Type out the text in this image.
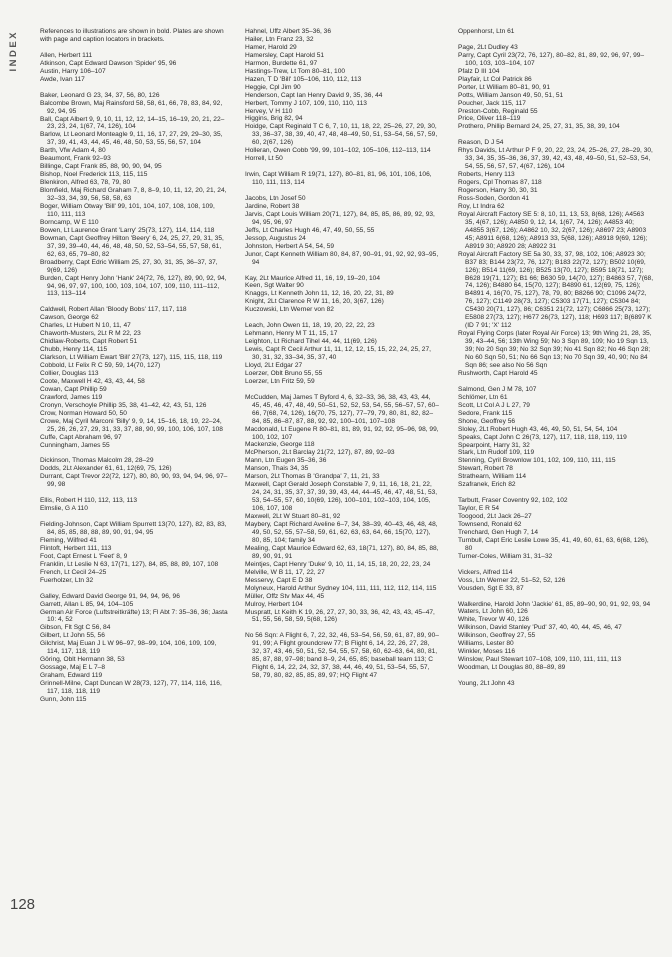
INDEX
128

References to illustrations are shown in bold. Plates are shown with page and caption locators in brackets.

Allen, Herbert 111

Atkinson, Capt Edward Dawson 'Spider' 95, 96

Austin, Harry 106–107

Awde, Ivan 117

Baker, Leonard G 23, 34, 37, 56, 80, 126

Balcombe Brown, Maj Rainsford 58, 58, 61, 66, 78, 83, 84, 92, 92, 94, 95

Ball, Capt Albert 9, 9, 10, 11, 12, 12, 14–15, 16–19, 20, 21, 22–23, 23, 24, 1(67, 74, 126), 104

Barlow, Lt Leonard Monteagle 9, 11, 16, 17, 27, 29, 29–30, 35, 37, 39, 41, 43, 44, 45, 46, 48, 50, 53, 55, 56, 57, 104

Barth, Vfw Adam 4, 80

Beaumont, Frank 92–93

Billinge, Capt Frank 85, 88, 90, 90, 94, 95

Bishop, Noel Frederick 113, 115, 115

Blenkiron, Alfred 63, 78, 79, 80

Blomfield, Maj Richard Graham 7, 8, 8–9, 10, 11, 12, 20, 21, 24, 32–33, 34, 39, 56, 58, 58, 63

Boger, William Otway 'Bill' 99, 101, 104, 107, 108, 108, 109, 110, 111, 113

Borncamp, W E 110

Bowen, Lt Laurence Grant 'Larry' 25(73, 127), 114, 114, 118

Bowman, Capt Geoffrey Hilton 'Beery' 6, 24, 25, 27, 29, 31, 35, 37, 39, 39–40, 44, 46, 48, 48, 50, 52, 53–54, 55, 57, 58, 61, 62, 63, 65, 79–80, 82

Broadberry, Capt Edric William 25, 27, 30, 31, 35, 36–37, 37, 9(69, 126)

Burden, Capt Henry John 'Hank' 24(72, 76, 127), 89, 90, 92, 94, 94, 96, 97, 97, 100, 100, 103, 104, 107, 109, 110, 111–112, 113, 113–114

Caldwell, Robert Allan 'Bloody Bobs' 117, 117, 118

Cawson, George 62

Charles, Lt Hubert N 10, 11, 47

Chaworth-Musters, 2Lt R M 22, 23

Chidlaw-Roberts, Capt Robert 51

Chubb, Henry 114, 115

Clarkson, Lt William Ewart 'Bill' 27(73, 127), 115, 115, 118, 119

Cobbold, Lt Felix R C 59, 59, 14(70, 127)

Collier, Douglas 113

Coote, Maxwell H 42, 43, 43, 44, 58

Cowan, Capt Phillip 59

Crawford, James 119

Cronyn, Verschoyle Phillip 35, 38, 41–42, 42, 43, 51, 126

Crow, Norman Howard 50, 50

Crowe, Maj Cyril Marconi 'Billy' 9, 9, 14, 15–16, 18, 19, 22–24, 25, 26, 26, 27, 29, 31, 33, 37, 88, 90, 99, 100, 106, 107, 108

Cuffe, Capt Abraham 96, 97

Cunningham, James 55

Dickinson, Thomas Malcolm 28, 28–29

Dodds, 2Lt Alexander 61, 61, 12(69, 75, 126)

Durrant, Capt Trevor 22(72, 127), 80, 80, 90, 93, 94, 94, 96, 97–99, 98

Ellis, Robert H 110, 112, 113, 113

Elmslie, G A 110

Fielding-Johnson, Capt William Spurrett 13(70, 127), 82, 83, 83, 84, 85, 85, 88, 88, 89, 90, 91, 94, 95

Fleming, Wilfred 41

Flintoft, Herbert 111, 113

Foot, Capt Ernest L 'Feet' 8, 9

Franklin, Lt Leslie N 63, 17(71, 127), 84, 85, 88, 89, 107, 108

French, Lt Cecil 24–25

Fuerholzer, Ltn 32

Galley, Edward David George 91, 94, 94, 96, 96

Garrett, Allan L 85, 94, 104–105

German Air Force (Luftstreitkräfte) 13; Fl Abt 7: 35–36, 36; Jasta 10: 4, 52

Gibson, Flt Sgt C 56, 84

Gilbert, Lt John 55, 56

Gilchrist, Maj Euan J L W 96–97, 98–99, 104, 106, 109, 109, 114, 117, 118, 119

Göring, Oblt Hermann 38, 53

Gossage, Maj E L 7–8

Graham, Edward 119

Grinnell-Milne, Capt Duncan W 28(73, 127), 77, 114, 116, 116, 117, 118, 118, 119

Gunn, John 115

Hahnel, Uffz Albert 35–36, 36

Hailer, Ltn Franz 23, 32

Hamer, Harold 29

Hamersley, Capt Harold 51

Harmon, Burdette 61, 97

Hastings-Trew, Lt Tom 80–81, 100

Hazen, T D 'Bill' 105–106, 110, 112, 113

Heggie, Cpl Jim 90

Henderson, Capt Ian Henry David 9, 35, 36, 44

Herbert, Tommy J 107, 109, 110, 110, 113

Hervey, V H 110

Higgins, Brig 82, 94

Hoidge, Capt Reginald T C 6, 7, 10, 11, 18, 22, 25–26, 27, 29, 30, 33, 36–37, 38, 39, 40, 47, 48, 48–49, 50, 51, 53–54, 56, 57, 59, 60, 2(67, 126)

Holleran, Owen Cobb '99, 99, 101–102, 105–106, 112–113, 114

Horrell, Lt 50

Irwin, Capt William R 19(71, 127), 80–81, 81, 96, 101, 106, 106, 110, 111, 113, 114

Jacobs, Ltn Josef 50

Jardine, Robert 38

Jarvis, Capt Louis William 20(71, 127), 84, 85, 85, 86, 89, 92, 93, 94, 95, 96, 97

Jeffs, Lt Charles Hugh 46, 47, 49, 50, 55, 55

Jessop, Augustus 24

Johnston, Herbert A 54, 54, 59

Junor, Capt Kenneth William 80, 84, 87, 90–91, 91, 92, 92, 93–95, 94

Kay, 2Lt Maurice Alfred 11, 16, 19, 19–20, 104

Keen, Sgt Walter 90

Knaggs, Lt Kenneth John 11, 12, 16, 20, 22, 31, 89

Knight, 2Lt Clarence R W 11, 16, 20, 3(67, 126)

Kuczowski, Ltn Werner von 82

Leach, John Owen 11, 18, 19, 20, 22, 22, 23

Lehmann, Henry M T 11, 15, 17

Leighton, Lt Richard Tihel 44, 44, 11(69, 126)

Lewis, Capt R Cecil Arthur 11, 11, 12, 12, 15, 15, 22, 24, 25, 27, 30, 31, 32, 33–34, 35, 37, 40

Lloyd, 2Lt Edgar 27

Loerzer, Oblt Bruno 55, 55

Loerzer, Ltn Fritz 59, 59

McCudden, Maj James T Byford 4, 6, 32–33, 36, 38, 43, 43, 44, 45, 45, 46, 47, 48, 49, 50–51, 52, 52, 53, 54, 55, 56–57, 57, 60–66, 7(68, 74, 126), 16(70, 75, 127), 77–79, 79, 80, 81, 82, 82–84, 85, 86–87, 87, 88, 92, 92, 100–101, 107–108

Macdonald, Lt Eugene R 80–81, 81, 89, 91, 92, 92, 95–96, 98, 99, 100, 102, 107

Mackenzie, George 118

McPherson, 2Lt Barclay 21(72, 127), 87, 89, 92–93

Mann, Ltn Eugen 35–36, 36

Manson, Thais 34, 35

Marson, 2Lt Thomas B 'Grandpa' 7, 11, 21, 33

Maxwell, Capt Gerald Joseph Constable 7, 9, 11, 16, 18, 21, 22, 24, 24, 31, 35, 37, 37, 39, 39, 43, 44, 44–45, 46, 47, 48, 51, 53, 53, 54–55, 57, 60, 10(69, 126), 100–101, 102–103, 104, 105, 106, 107, 108

Maxwell, 2Lt W Stuart 80–81, 92

Maybery, Capt Richard Aveline 6–7, 34, 38–39, 40–43, 46, 48, 48, 49, 50, 52, 55, 57–58, 59, 61, 62, 63, 63, 64, 66, 15(70, 127), 80, 85, 104; family 34

Mealing, Capt Maurice Edward 62, 63, 18(71, 127), 80, 84, 85, 88, 89, 90, 91, 91

Meintjes, Capt Henry 'Duke' 9, 10, 11, 14, 15, 18, 20, 22, 23, 24

Melville, W B 11, 17, 22, 27

Messervy, Capt E D 38

Molyneux, Harold Arthur Sydney 104, 111, 111, 112, 112, 114, 115

Müller, Offz Stv Max 44, 45

Mulroy, Herbert 104

Muspratt, Lt Keith K 19, 26, 27, 27, 30, 33, 36, 42, 43, 43, 45–47, 51, 55, 56, 58, 59, 5(68, 126)

No 56 Sqn: A Flight 6, 7, 22, 32, 46, 53–54, 56, 59, 61, 87, 89, 90–91, 99; A Flight groundcrew 77; B Flight 6, 14, 22, 26, 27, 28, 32, 37, 43, 46, 50, 51, 52, 54, 55, 57, 58, 60, 62–63, 64, 80, 81, 85, 87, 88, 97–98; band 8–9, 24, 65, 85; baseball team 113; C Flight 6, 14, 22, 24, 32, 37, 38, 44, 46, 49, 51, 53–54, 55, 57, 58, 79, 80, 82, 85, 85, 89, 97; HQ Flight 47

Oppenhorst, Ltn 61

Page, 2Lt Dudley 43

Parry, Capt Cyril 23(72, 76, 127), 80–82, 81, 89, 92, 96, 97, 99–100, 103, 103–104, 107

Pfalz D III 104

Playfair, Lt Col Patrick 86

Porter, Lt William 80–81, 90, 91

Potts, William Janson 49, 50, 51, 51

Poucher, Jack 115, 117

Preston-Cobb, Reginald 55

Price, Oliver 118–119

Prothero, Phillip Bernard 24, 25, 27, 31, 35, 38, 39, 104

Reason, D J 54

Rhys Davids, Lt Arthur P F 9, 20, 22, 23, 24, 25–26, 27, 28–29, 30, 33, 34, 35, 35–36, 36, 37, 39, 42, 43, 48, 49–50, 51, 52–53, 54, 54, 55, 56, 57, 57, 4(67, 126), 104

Roberts, Henry 113

Rogers, Cpl Thomas 87, 118

Rogerson, Harry 30, 30, 31

Ross-Soden, Gordon 41

Roy, Lt Indra 62

Royal Aircraft Factory SE 5: 8, 10, 11, 13, 53, 8(68, 126); A4563 35, 4(67, 126); A4850 9, 12, 14, 1(67, 74, 126); A4853 40; A4855 3(67, 126); A4862 10, 32, 2(67, 126); A8697 23; A8903 45; A8911 6(68, 126); A8913 33, 5(68, 126); A8918 9(69, 126); A8919 30; A8920 28; A8922 31

Royal Aircraft Factory SE 5a 30, 33, 37, 98, 102, 106; A8923 30; B37 83; B144 23(72, 76, 127); B183 22(72, 127); B502 10(69, 126); B514 11(69, 126); B525 13(70, 127); B595 18(71, 127); B628 19(71, 127); B1 66; B630 59, 14(70, 127); B4863 57, 7(68, 74, 126); B4880 64, 15(70, 127); B4890 61, 12(69, 75, 126); B4891 4, 16(70, 75, 127), 78, 79, 80; B8266 90; C1096 24(72, 76, 127); C1149 28(73, 127); C5303 17(71, 127); C5304 84; C5430 20(71, 127), 86; C6351 21(72, 127); C6866 25(73, 127); E5808 27(73, 127); H677 26(73, 127), 118; H693 117; B(6897 K (ID 7 91; 'X' 112

Royal Flying Corps (later Royal Air Force) 13; 9th Wing 21, 28, 35, 39, 43–44, 56; 13th Wing 59; No 3 Sqn 89, 109; No 19 Sqn 13, 39; No 20 Sqn 39; No 32 Sqn 39; No 41 Sqn 82; No 46 Sqn 28; No 60 Sqn 50, 51; No 66 Sqn 13; No 70 Sqn 39, 40, 90; No 84 Sqn 86; see also No 56 Sqn

Rushworth, Capt Harold 45

Salmond, Gen J M 78, 107

Schlömer, Ltn 61

Scott, Lt Col A J L 27, 79

Sedore, Frank 115

Shone, Geoffrey 56

Sloley, 2Lt Robert Hugh 43, 46, 49, 50, 51, 54, 54, 104

Speaks, Capt John C 26(73, 127), 117, 118, 118, 119, 119

Spearpoint, Harry 31, 32

Stark, Ltn Rudolf 109, 119

Stenning, Cyril Brownlow 101, 102, 109, 110, 111, 115

Stewart, Robert 78

Strathearn, William 114

Szafranek, Erich 82

Tarbutt, Fraser Coventry 92, 102, 102

Taylor, E R 54

Toogood, 2Lt Jack 26–27

Townsend, Ronald 62

Trenchard, Gen Hugh 7, 14

Turnbull, Capt Eric Leslie Lowe 35, 41, 49, 60, 61, 63, 6(68, 126), 80

Turner-Coles, William 31, 31–32

Vickers, Alfred 114

Voss, Ltn Werner 22, 51–52, 52, 126

Vousden, Sgt E 33, 87

Walkerdine, Harold John 'Jackie' 61, 85, 89–90, 90, 91, 92, 93, 94

Waters, Lt John 60, 126

White, Trevor W 40, 126

Wilkinson, David Stanley 'Pud' 37, 40, 40, 44, 45, 46, 47

Wilkinson, Geoffrey 27, 55

Williams, Lester 80

Winkler, Moses 116

Winslow, Paul Stewart 107–108, 109, 110, 111, 111, 113

Woodman, Lt Douglas 80, 88–89, 89

Young, 2Lt John 43
